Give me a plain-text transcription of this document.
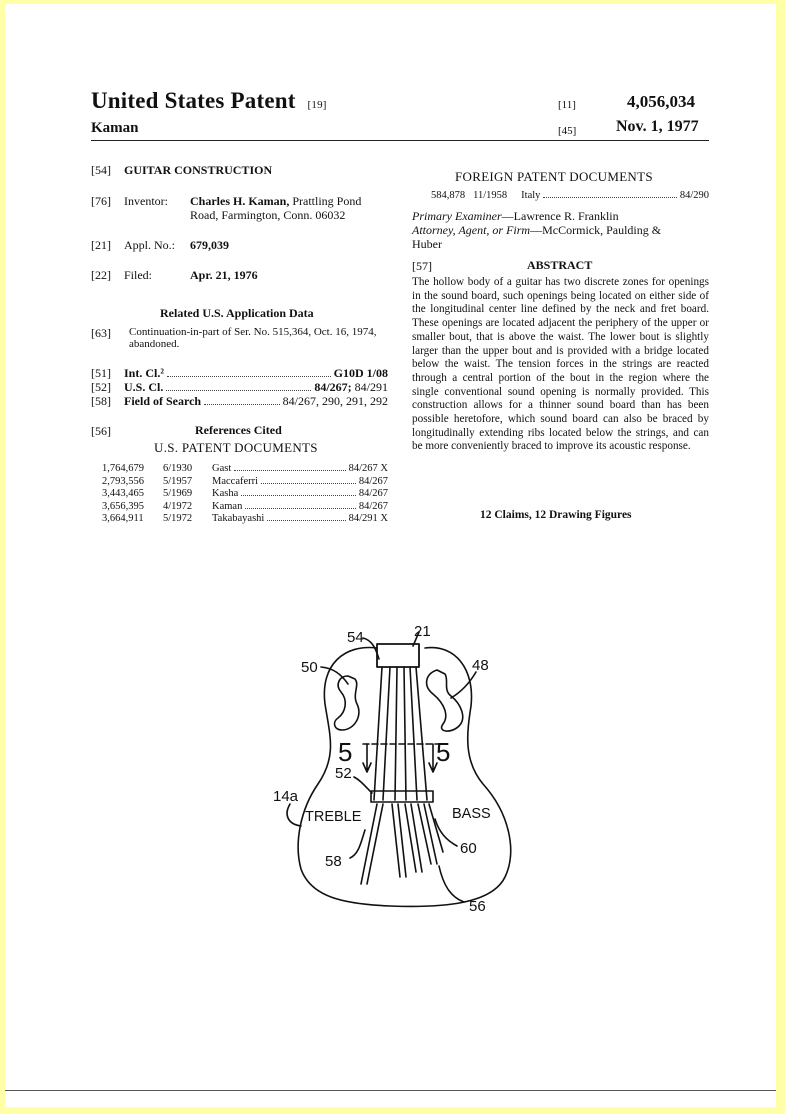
United States Patent [19]
Kaman
[11]	4,056,034
[45] Nov. 1, 1977
[54] GUITAR CONSTRUCTION
[76] Inventor: Charles H. Kaman, Prattling Pond
Road, Farmington, Conn. 06032
[21] Appl. No.: 679,039
[22] Filed:	Apr. 21, 1976
Related U.S. Application Data
[63] Continuation-in-part of Ser. No. 515,364, Oct. 16, 1974,
abandoned.
[51] Int. Cl.²	G10D 1/08
[52] U.S. Cl.	84/267;
84/291
[58] Field of Search	84/267, 290, 291, 292
[56]	References Cited
U.S. PATENT DOCUMENTS
1,764,679 6/1930 Gast	84/267 X
2,793,556 5/1957 Maccaferri	84/267
3,443,465 5/1969 Kasha	84/267
3,656,395 4/1972 Kaman	84/267
3,664,911 5/1972 Takabayashi	84/291 X
FOREIGN PATENT DOCUMENTS
584,878 11/1958 Italy	84/290
Primary Examiner—Lawrence R. Franklin
Attorney, Agent, or Firm—McCormick, Paulding &
Huber
[57]	ABSTRACT
The hollow body of a guitar has two discrete zones for openings in the sound board, such openings being located on either side of the longitudinal center line defined by the neck and fret board. These openings are located adjacent the periphery of the upper or smaller bout, that is above the waist. The lower bout is slightly larger than the upper bout and is provided with a bridge located below the waist. The tension forces in the strings are reacted through a central portion of the bout in the region where the single conventional sound opening is normally provided. This construction allows for a thinner sound board than has been possible heretofore, which sound board can also be braced by longitudinally extending ribs located below the strings, and can be more conveniently braced to improve its acoustic response.
12 Claims, 12 Drawing Figures
54	21
50	48
5	5
52
14a
TREBLE	BASS
60
58
56
